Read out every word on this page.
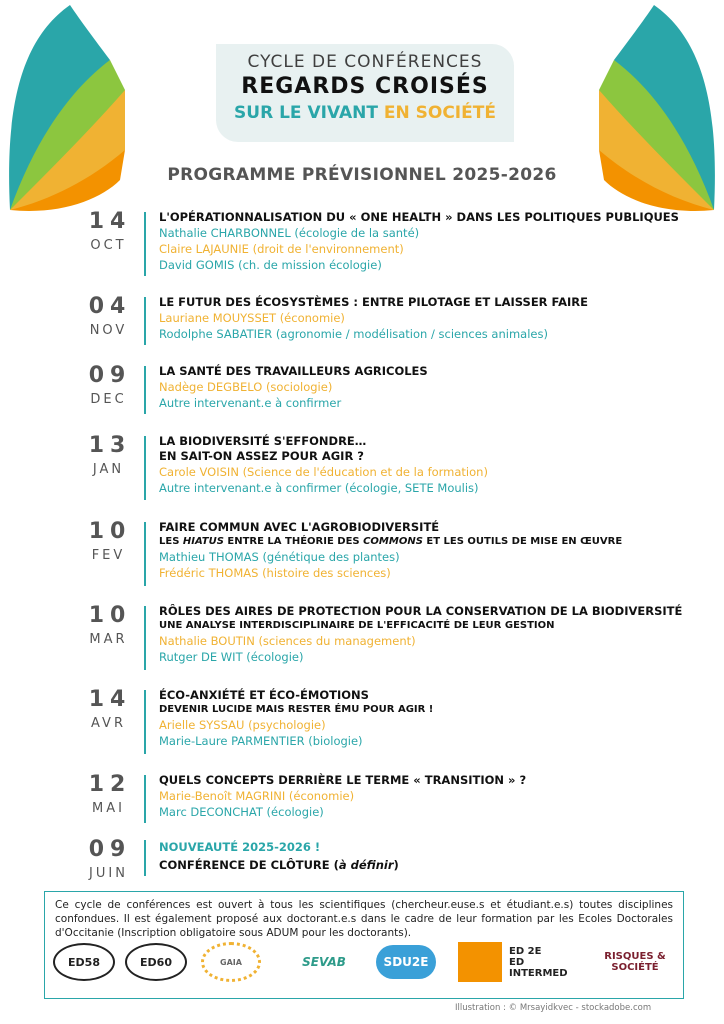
CYCLE DE CONFÉRENCES
REGARDS CROISÉS
SUR LE VIVANT EN SOCIÉTÉ
PROGRAMME PRÉVISIONNEL 2025-2026
14
OCT
L'OPÉRATIONNALISATION DU « ONE HEALTH » DANS LES POLITIQUES PUBLIQUES
Nathalie CHARBONNEL (écologie de la santé)
Claire LAJAUNIE (droit de l'environnement)
David GOMIS (ch. de mission écologie)
04
NOV
LE FUTUR DES ÉCOSYSTÈMES : ENTRE PILOTAGE ET LAISSER FAIRE
Lauriane MOUYSSET (économie)
Rodolphe SABATIER (agronomie / modélisation / sciences animales)
09
DEC
LA SANTÉ DES TRAVAILLEURS AGRICOLES
Nadège DEGBELO (sociologie)
Autre intervenant.e à confirmer
13
JAN
LA BIODIVERSITÉ S'EFFONDRE…
EN SAIT-ON ASSEZ POUR AGIR ?
Carole VOISIN (Science de l'éducation et de la formation)
Autre intervenant.e à confirmer (écologie, SETE Moulis)
10
FEV
FAIRE COMMUN AVEC L'AGROBIODIVERSITÉ
LES HIATUS ENTRE LA THÉORIE DES COMMONS ET LES OUTILS DE MISE EN ŒUVRE
Mathieu THOMAS (génétique des plantes)
Frédéric THOMAS (histoire des sciences)
10
MAR
RÔLES DES AIRES DE PROTECTION POUR LA CONSERVATION DE LA BIODIVERSITÉ
UNE ANALYSE INTERDISCIPLINAIRE DE L'EFFICACITÉ DE LEUR GESTION
Nathalie BOUTIN (sciences du management)
Rutger DE WIT (écologie)
14
AVR
ÉCO-ANXIÉTÉ ET ÉCO-ÉMOTIONS
DEVENIR LUCIDE MAIS RESTER ÉMU POUR AGIR !
Arielle SYSSAU (psychologie)
Marie-Laure PARMENTIER (biologie)
12
MAI
QUELS CONCEPTS DERRIÈRE LE TERME « TRANSITION » ?
Marie-Benoît MAGRINI (économie)
Marc DECONCHAT (écologie)
09
JUIN
NOUVEAUTÉ 2025-2026 !
CONFÉRENCE DE CLÔTURE (à définir)
Ce cycle de conférences est ouvert à tous les scientifiques (chercheur.euse.s et étudiant.e.s) toutes disciplines confondues. Il est également proposé aux doctorant.e.s dans le cadre de leur formation par les Ecoles Doctorales d'Occitanie (Inscription obligatoire sous ADUM pour les doctorants).
ED58	ED60	GAIA	SEVAB	SDU2E
ED 2E
ED INTERMED
RISQUES & SOCIÉTÉ
Illustration : © Mrsayidkvec - stockadobe.com
